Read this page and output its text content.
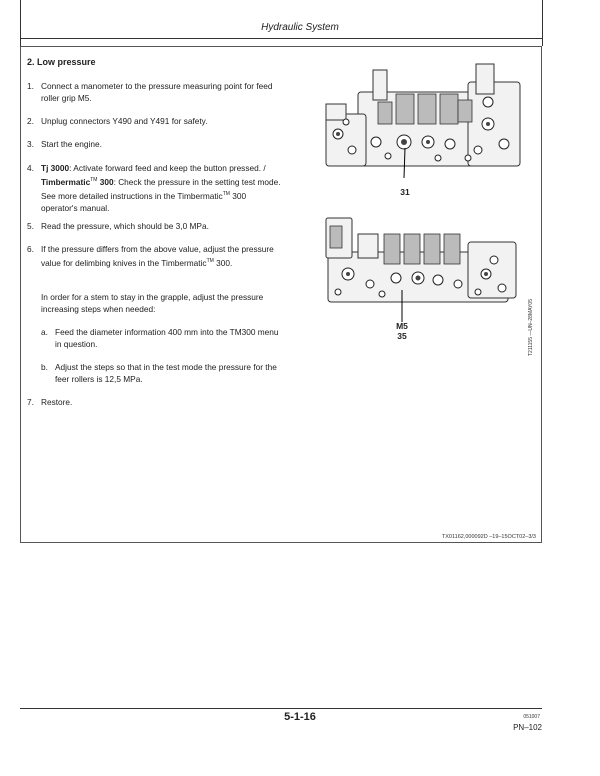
Hydraulic System
2. Low pressure
1. Connect a manometer to the pressure measuring point for feed roller grip M5.
2. Unplug connectors Y490 and Y491 for safety.
3. Start the engine.
4. Tj 3000: Activate forward feed and keep the button pressed. / Timbermatic™ 300: Check the pressure in the setting test mode. See more detailed instructions in the Timbermatic™ 300 operator's manual.
5. Read the pressure, which should be 3,0 MPa.
6. If the pressure differs from the above value, adjust the pressure value for delimbing knives in the Timbermatic™ 300.
In order for a stem to stay in the grapple, adjust the pressure increasing steps when needed:
a. Feed the diameter information 400 mm into the TM300 menu in question.
b. Adjust the steps so that in the test mode the pressure for the feer rollers is 12,5 MPa.
7. Restore.
31
M5
35	T211155 —UN–28MAY05
TX01162,000092D –19–15OCT02–3/3
5-1-16	051007
PN–102
